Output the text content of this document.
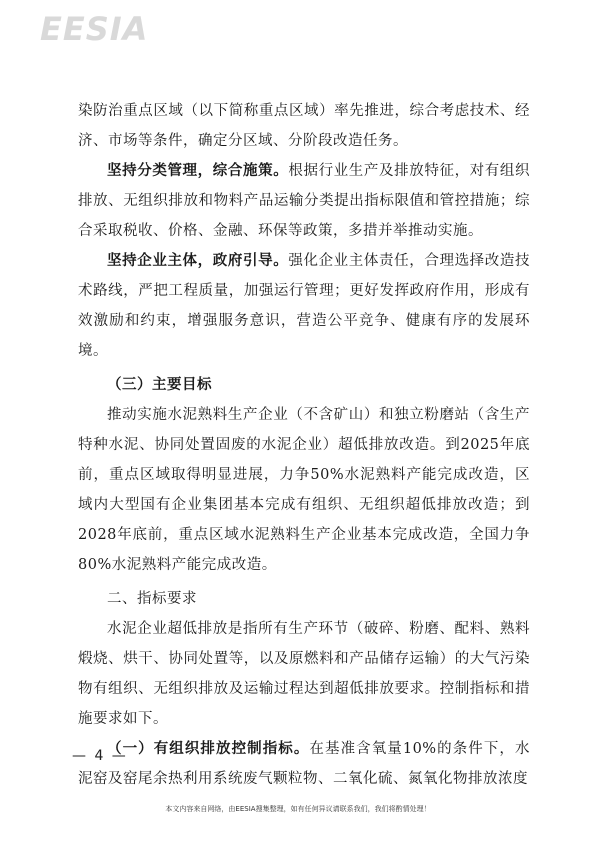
EESIA

染防治重点区域（以下简称重点区域）率先推进，综合考虑技术、经济、市场等条件，确定分区域、分阶段改造任务。

坚持分类管理，综合施策。根据行业生产及排放特征，对有组织排放、无组织排放和物料产品运输分类提出指标限值和管控措施；综合采取税收、价格、金融、环保等政策，多措并举推动实施。

坚持企业主体，政府引导。强化企业主体责任，合理选择改造技术路线，严把工程质量，加强运行管理；更好发挥政府作用，形成有效激励和约束，增强服务意识，营造公平竞争、健康有序的发展环境。

（三）主要目标

推动实施水泥熟料生产企业（不含矿山）和独立粉磨站（含生产特种水泥、协同处置固废的水泥企业）超低排放改造。到2025年底前，重点区域取得明显进展，力争50%水泥熟料产能完成改造，区域内大型国有企业集团基本完成有组织、无组织超低排放改造；到2028年底前，重点区域水泥熟料生产企业基本完成改造，全国力争80%水泥熟料产能完成改造。

二、指标要求

水泥企业超低排放是指所有生产环节（破碎、粉磨、配料、熟料煅烧、烘干、协同处置等，以及原燃料和产品储存运输）的大气污染物有组织、无组织排放及运输过程达到超低排放要求。控制指标和措施要求如下。

（一）有组织排放控制指标。在基准含氧量10%的条件下，水泥窑及窑尾余热利用系统废气颗粒物、二氧化硫、氮氧化物排放浓度

— 4 —
本文内容来自网络，由EESIA搜集整理，如有任何异议请联系我们，我们将酌情处理！
